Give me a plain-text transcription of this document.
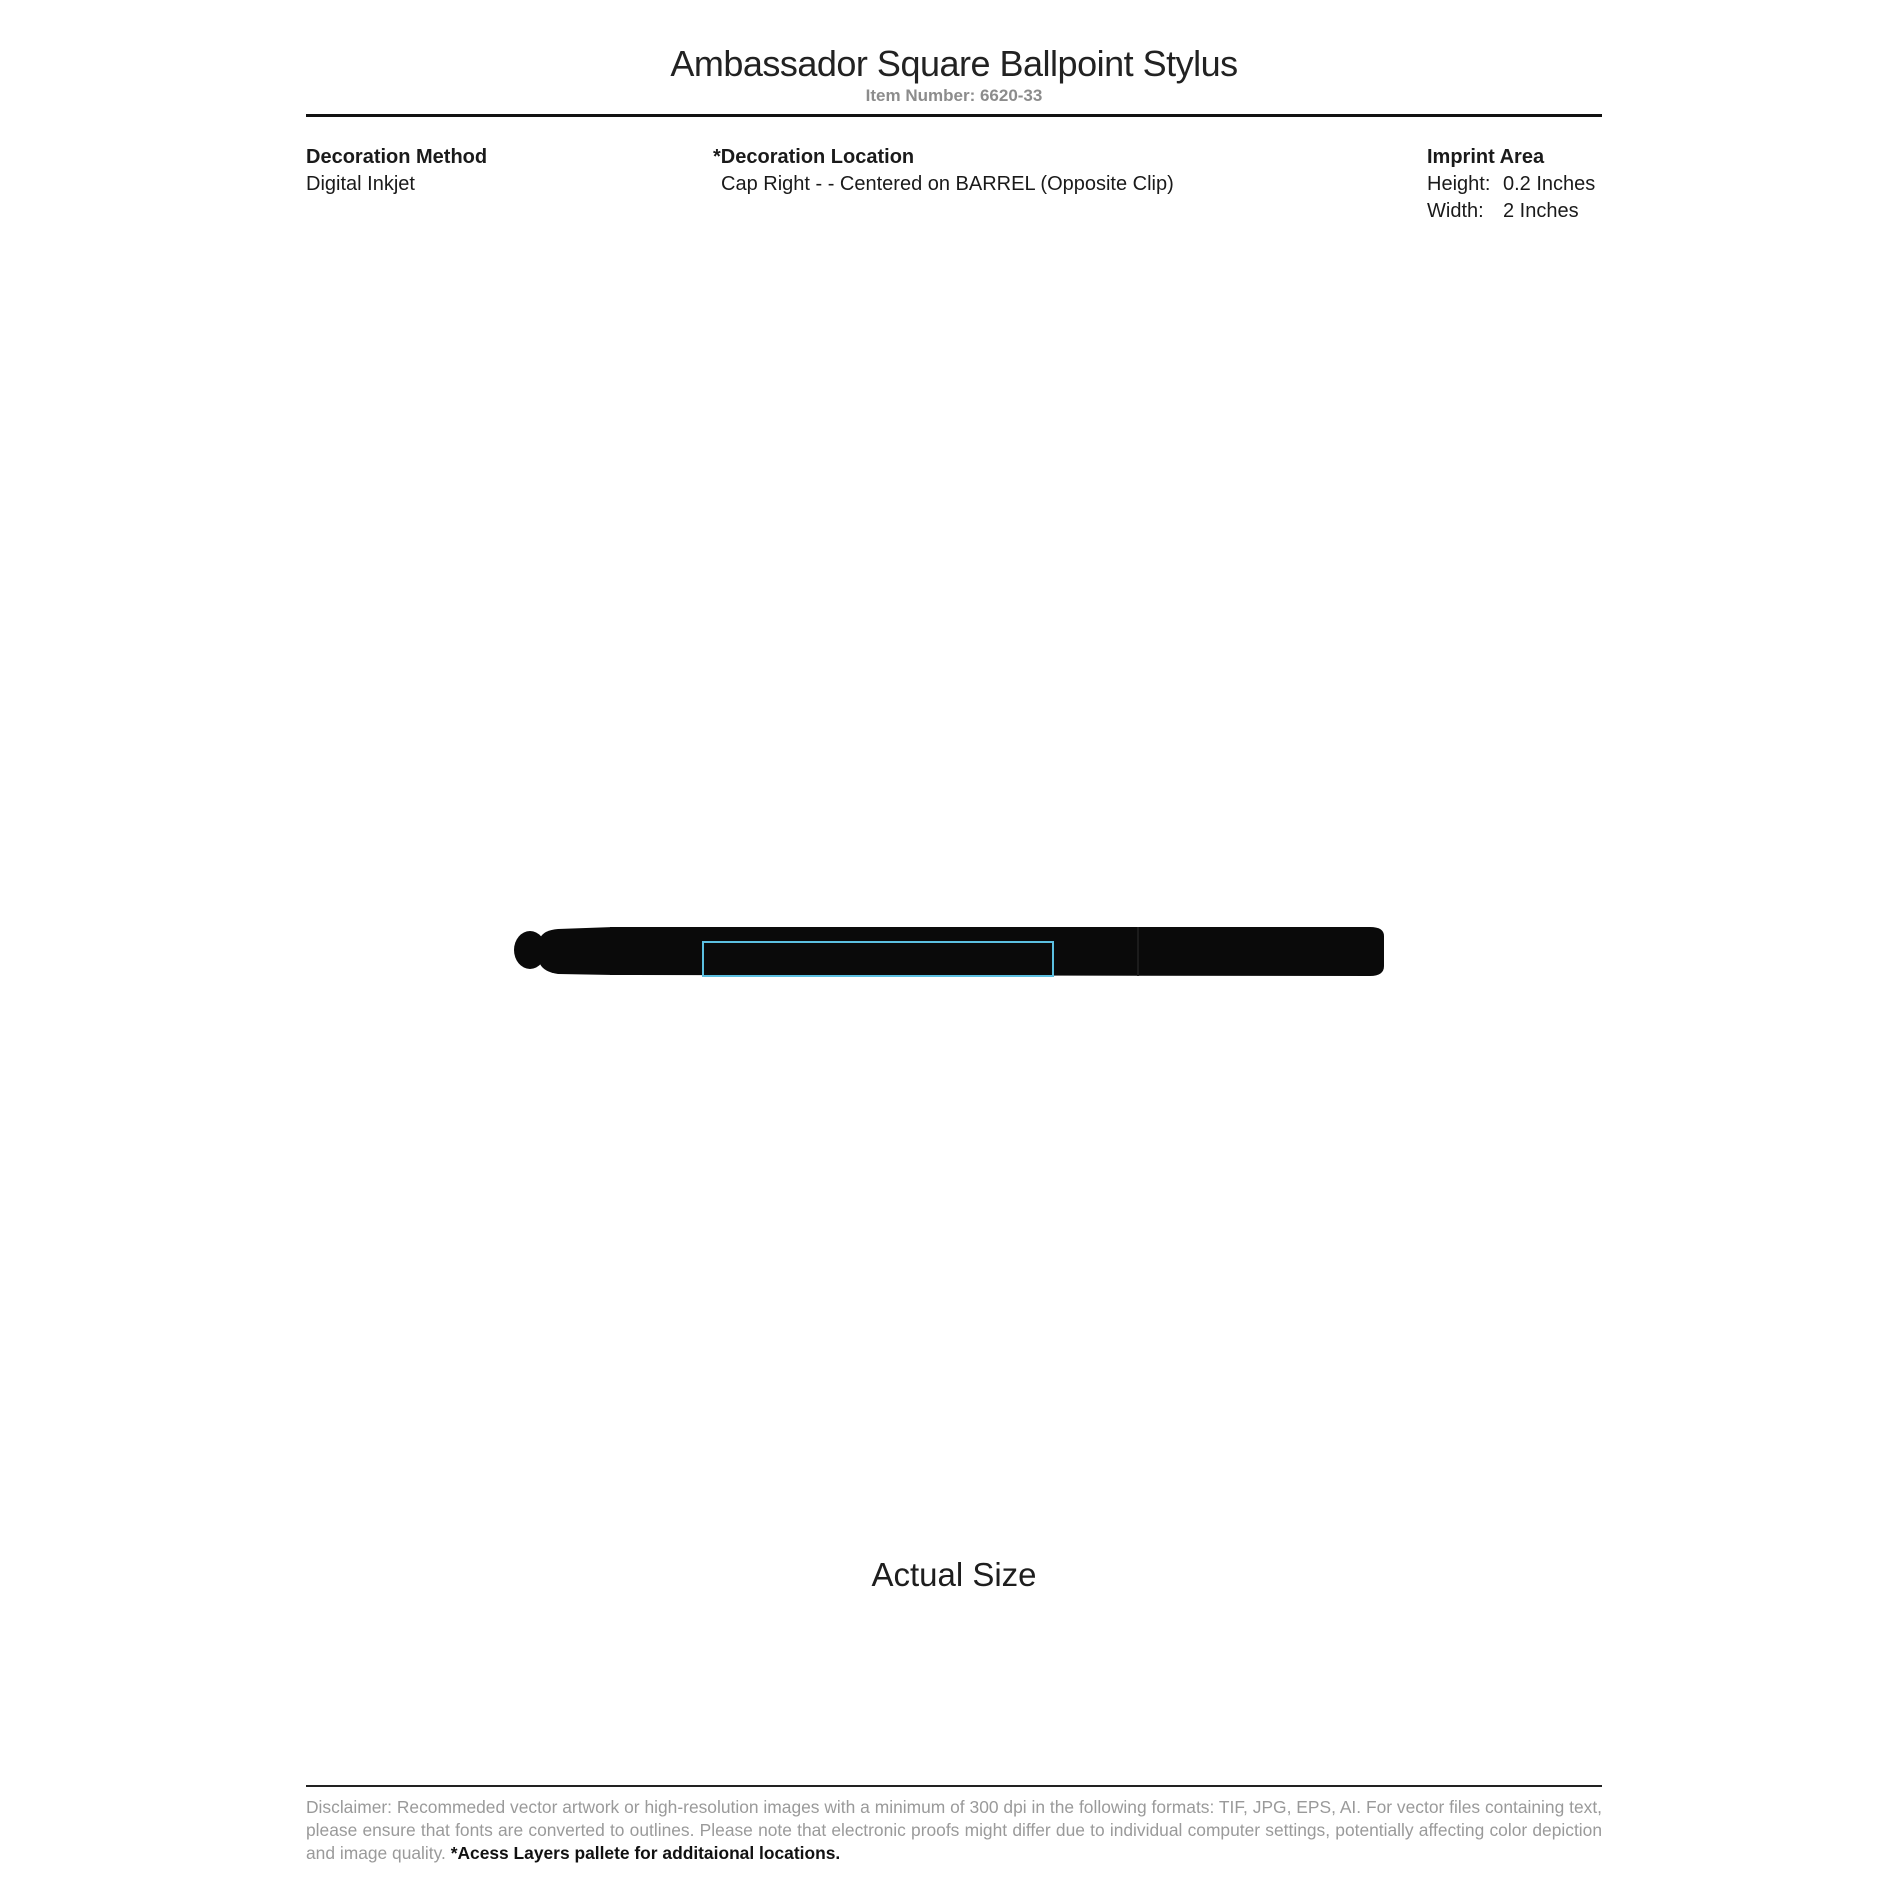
Ambassador Square Ballpoint Stylus
Item Number: 6620-33
Decoration Method
Digital Inkjet
*Decoration Location
Cap Right - - Centered on BARREL (Opposite Clip)
Imprint Area
Height: 0.2 Inches
Width: 2 Inches
Actual Size
Disclaimer: Recommeded vector artwork or high-resolution images with a minimum of 300 dpi in the following formats: TIF, JPG, EPS, AI. For vector files containing text, please ensure that fonts are converted to outlines. Please note that electronic proofs might differ due to individual computer settings, potentially affecting color depiction and image quality. *Acess Layers pallete for additaional locations.
